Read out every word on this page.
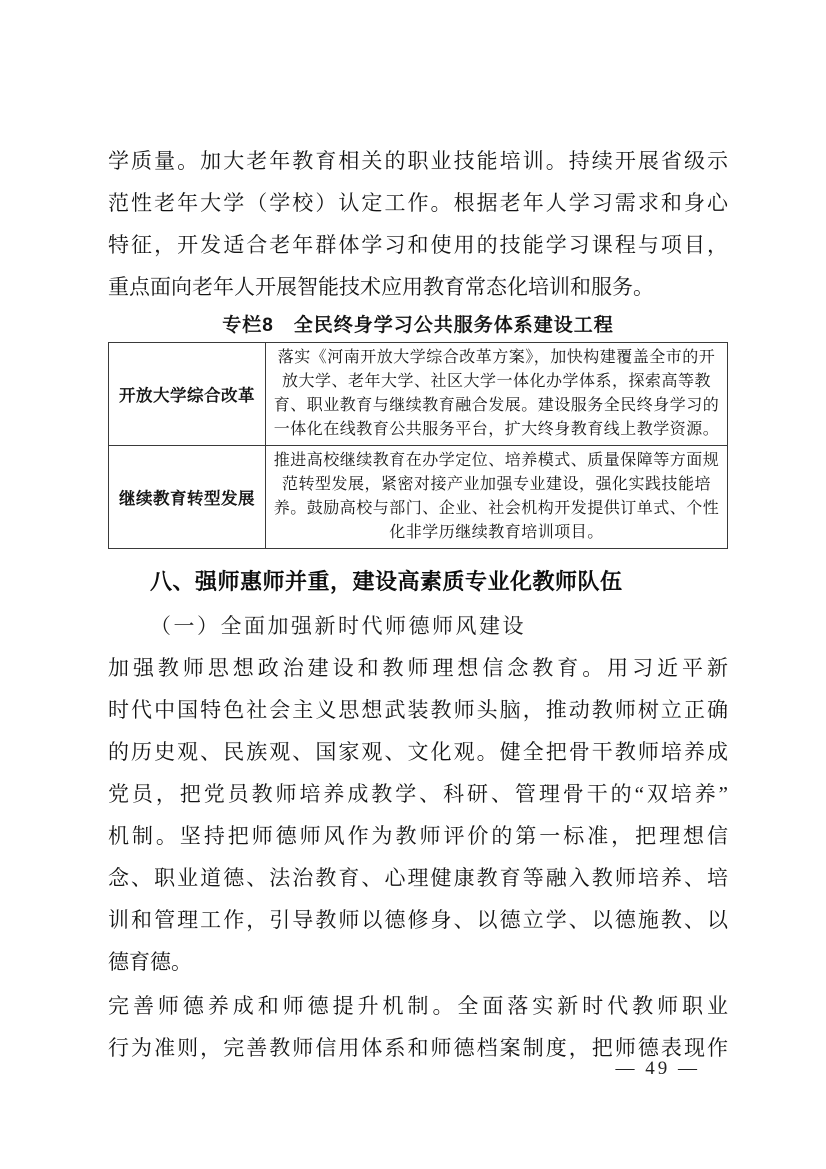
学质量。加大老年教育相关的职业技能培训。持续开展省级示
范性老年大学（学校）认定工作。根据老年人学习需求和身心
特征，开发适合老年群体学习和使用的技能学习课程与项目，
重点面向老年人开展智能技术应用教育常态化培训和服务。
专栏8　全民终身学习公共服务体系建设工程
开放大学综合改革	落实《河南开放大学综合改革方案》，加快构建覆盖全市的开
放大学、老年大学、社区大学一体化办学体系，探索高等教
育、职业教育与继续教育融合发展。建设服务全民终身学习的
一体化在线教育公共服务平台，扩大终身教育线上教学资源。

继续教育转型发展	推进高校继续教育在办学定位、培养模式、质量保障等方面规
范转型发展，紧密对接产业加强专业建设，强化实践技能培
养。鼓励高校与部门、企业、社会机构开发提供订单式、个性
化非学历继续教育培训项目。
八、强师惠师并重，建设高素质专业化教师队伍
（一）全面加强新时代师德师风建设
加强教师思想政治建设和教师理想信念教育。用习近平新
时代中国特色社会主义思想武装教师头脑，推动教师树立正确
的历史观、民族观、国家观、文化观。健全把骨干教师培养成
党员，把党员教师培养成教学、科研、管理骨干的“双培养”
机制。坚持把师德师风作为教师评价的第一标准，把理想信
念、职业道德、法治教育、心理健康教育等融入教师培养、培
训和管理工作，引导教师以德修身、以德立学、以德施教、以
德育德。
完善师德养成和师德提升机制。全面落实新时代教师职业
行为准则，完善教师信用体系和师德档案制度，把师德表现作
— 49 —
